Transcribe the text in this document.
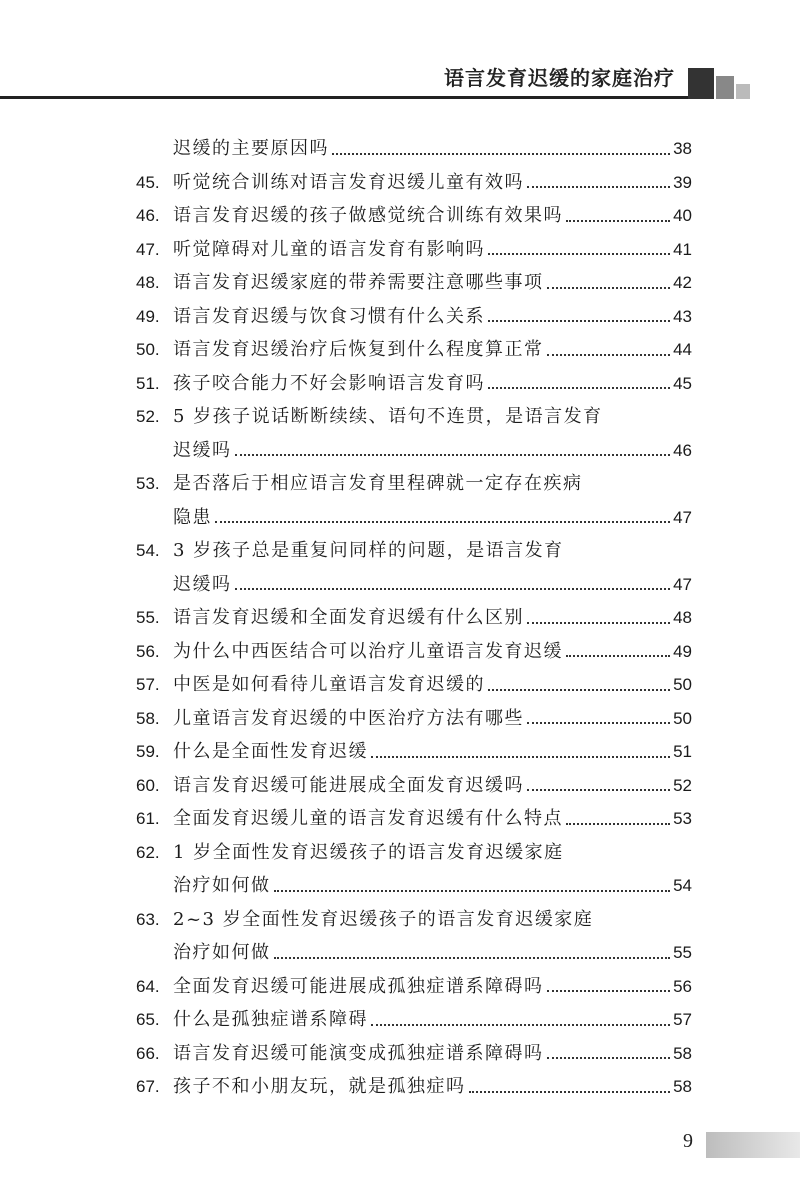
语言发育迟缓的家庭治疗
迟缓的主要原因吗	38
45. 听觉统合训练对语言发育迟缓儿童有效吗	39
46. 语言发育迟缓的孩子做感觉统合训练有效果吗	40
47. 听觉障碍对儿童的语言发育有影响吗	41
48. 语言发育迟缓家庭的带养需要注意哪些事项	42
49. 语言发育迟缓与饮食习惯有什么关系	43
50. 语言发育迟缓治疗后恢复到什么程度算正常	44
51. 孩子咬合能力不好会影响语言发育吗	45
52. 5 岁孩子说话断断续续、语句不连贯，是语言发育
迟缓吗	46
53. 是否落后于相应语言发育里程碑就一定存在疾病
隐患	47
54. 3 岁孩子总是重复问同样的问题，是语言发育
迟缓吗	47
55. 语言发育迟缓和全面发育迟缓有什么区别	48
56. 为什么中西医结合可以治疗儿童语言发育迟缓	49
57. 中医是如何看待儿童语言发育迟缓的	50
58. 儿童语言发育迟缓的中医治疗方法有哪些	50
59. 什么是全面性发育迟缓	51
60. 语言发育迟缓可能进展成全面发育迟缓吗	52
61. 全面发育迟缓儿童的语言发育迟缓有什么特点	53
62. 1 岁全面性发育迟缓孩子的语言发育迟缓家庭
治疗如何做	54
63. 2~3 岁全面性发育迟缓孩子的语言发育迟缓家庭
治疗如何做	55
64. 全面发育迟缓可能进展成孤独症谱系障碍吗	56
65. 什么是孤独症谱系障碍	57
66. 语言发育迟缓可能演变成孤独症谱系障碍吗	58
67. 孩子不和小朋友玩，就是孤独症吗	58
9
